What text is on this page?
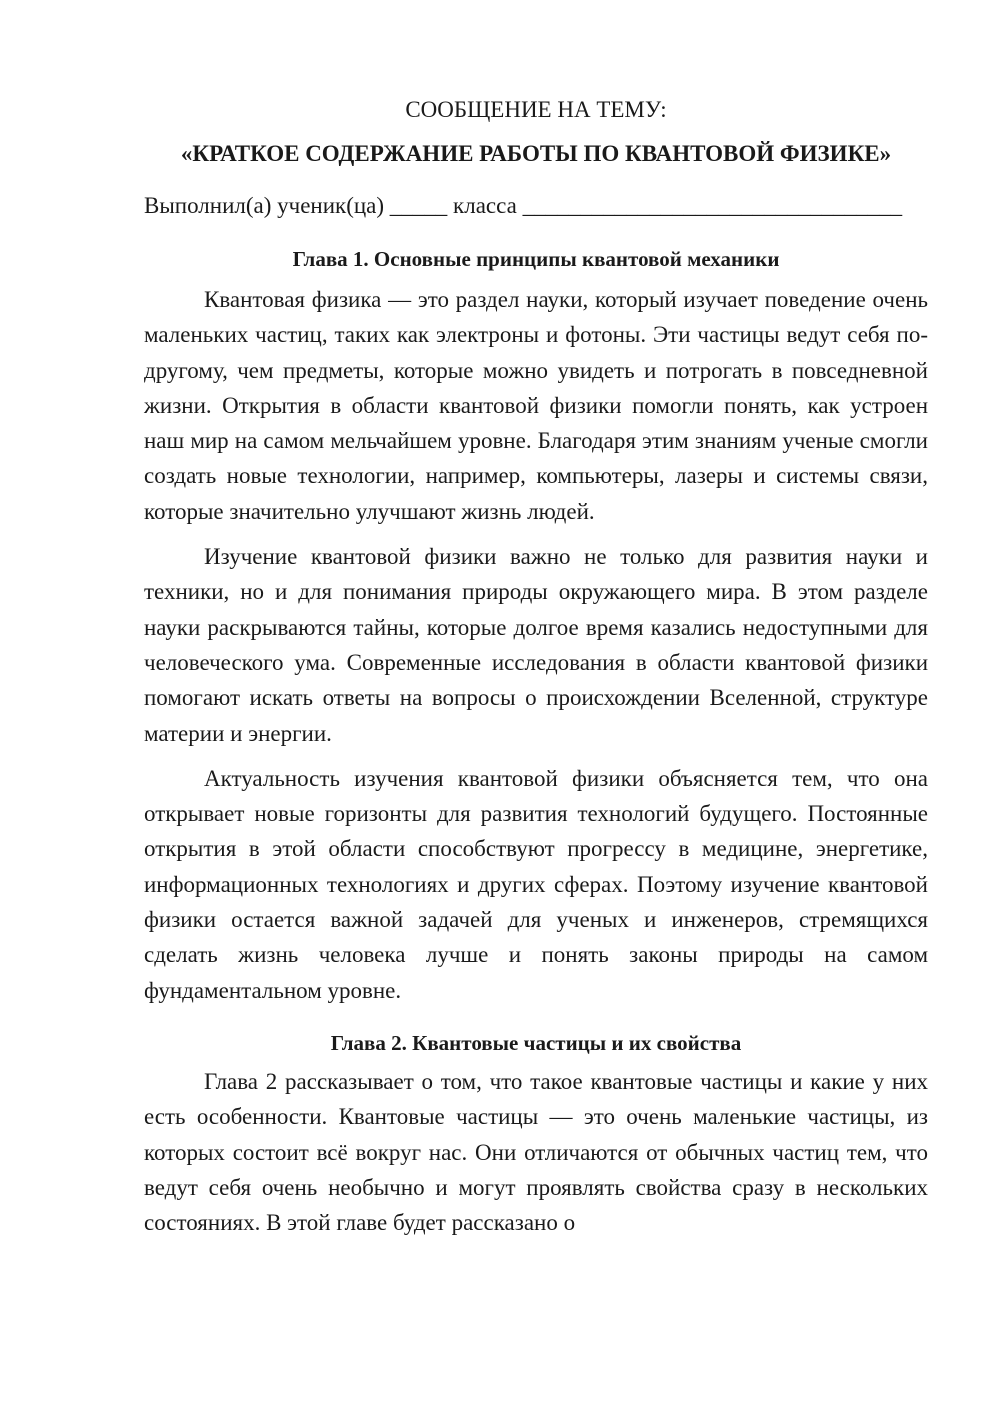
СООБЩЕНИЕ НА ТЕМУ:

«КРАТКОЕ СОДЕРЖАНИЕ РАБОТЫ ПО КВАНТОВОЙ ФИЗИКЕ»

Выполнил(а) ученик(ца) _____ класса _________________________________

Глава 1. Основные принципы квантовой механики

Квантовая физика — это раздел науки, который изучает поведение очень маленьких частиц, таких как электроны и фотоны. Эти частицы ведут себя по-другому, чем предметы, которые можно увидеть и потрогать в повседневной жизни. Открытия в области квантовой физики помогли понять, как устроен наш мир на самом мельчайшем уровне. Благодаря этим знаниям ученые смогли создать новые технологии, например, компьютеры, лазеры и системы связи, которые значительно улучшают жизнь людей.

Изучение квантовой физики важно не только для развития науки и техники, но и для понимания природы окружающего мира. В этом разделе науки раскрываются тайны, которые долгое время казались недоступными для человеческого ума. Современные исследования в области квантовой физики помогают искать ответы на вопросы о происхождении Вселенной, структуре материи и энергии.

Актуальность изучения квантовой физики объясняется тем, что она открывает новые горизонты для развития технологий будущего. Постоянные открытия в этой области способствуют прогрессу в медицине, энергетике, информационных технологиях и других сферах. Поэтому изучение квантовой физики остается важной задачей для ученых и инженеров, стремящихся сделать жизнь человека лучше и понять законы природы на самом фундаментальном уровне.

Глава 2. Квантовые частицы и их свойства

Глава 2 рассказывает о том, что такое квантовые частицы и какие у них есть особенности. Квантовые частицы — это очень маленькие частицы, из которых состоит всё вокруг нас. Они отличаются от обычных частиц тем, что ведут себя очень необычно и могут проявлять свойства сразу в нескольких состояниях. В этой главе будет рассказано о
